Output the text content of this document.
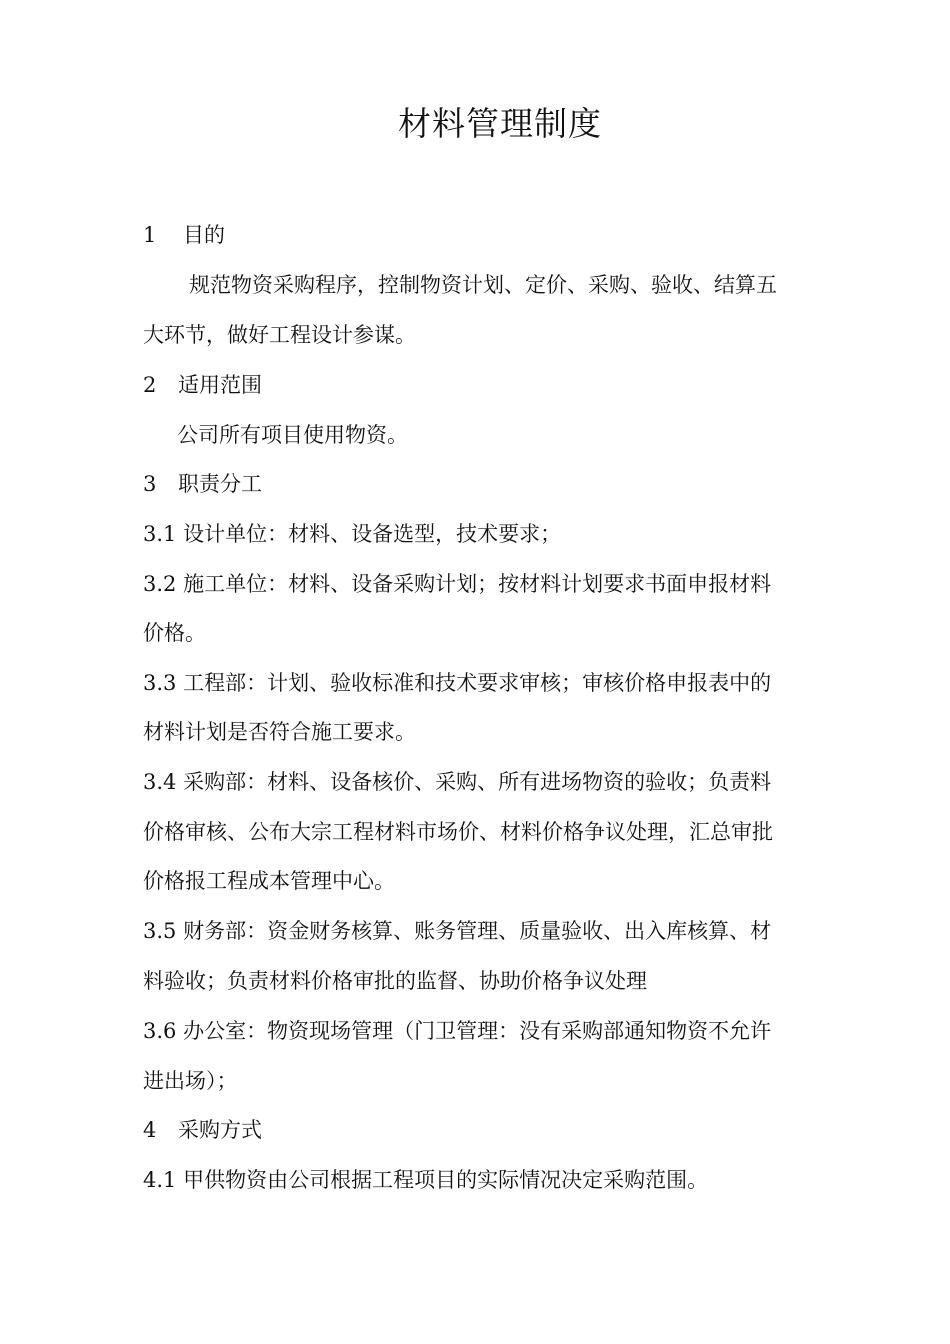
材料管理制度
1 目的
规范物资采购程序，控制物资计划、定价、采购、验收、结算五
大环节，做好工程设计参谋。
2 适用范围
公司所有项目使用物资。
3 职责分工
3.1 设计单位：材料、设备选型，技术要求；
3.2 施工单位：材料、设备采购计划；按材料计划要求书面申报材料
价格。
3.3 工程部：计划、验收标准和技术要求审核；审核价格申报表中的
材料计划是否符合施工要求。
3.4 采购部：材料、设备核价、采购、所有进场物资的验收；负责料
价格审核、公布大宗工程材料市场价、材料价格争议处理，汇总审批
价格报工程成本管理中心。
3.5 财务部：资金财务核算、账务管理、质量验收、出入库核算、材
料验收；负责材料价格审批的监督、协助价格争议处理
3.6 办公室：物资现场管理（门卫管理：没有采购部通知物资不允许
进出场）；
4 采购方式
4.1 甲供物资由公司根据工程项目的实际情况决定采购范围。
